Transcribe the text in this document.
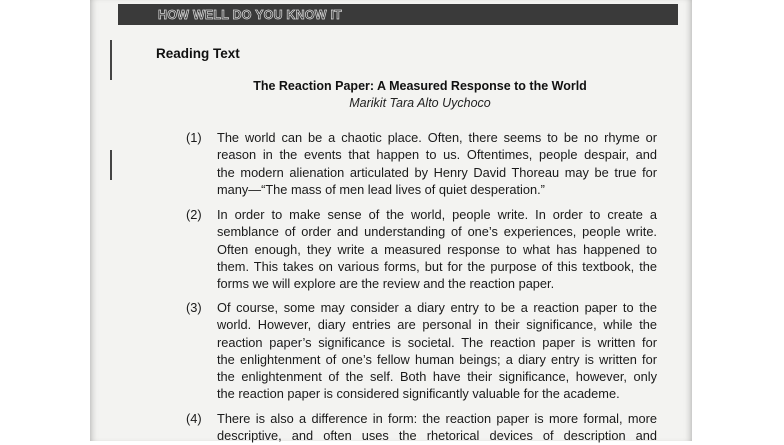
HOW WELL DO YOU KNOW IT
Reading Text
The Reaction Paper: A Measured Response to the World
Marikit Tara Alto Uychoco
(1) The world can be a chaotic place. Often, there seems to be no rhyme or
reason in the events that happen to us. Oftentimes, people despair, and
the modern alienation articulated by Henry David Thoreau may be true for
many—“The mass of men lead lives of quiet desperation.”
(2) In order to make sense of the world, people write. In order to create a
semblance of order and understanding of one’s experiences, people write.
Often enough, they write a measured response to what has happened to
them. This takes on various forms, but for the purpose of this textbook, the
forms we will explore are the review and the reaction paper.
(3) Of course, some may consider a diary entry to be a reaction paper to the
world. However, diary entries are personal in their significance, while the
reaction paper’s significance is societal. The reaction paper is written for
the enlightenment of one’s fellow human beings; a diary entry is written for
the enlightenment of the self. Both have their significance, however, only
the reaction paper is considered significantly valuable for the academe.
(4) There is also a difference in form: the reaction paper is more formal, more
descriptive, and often uses the rhetorical devices of description and
